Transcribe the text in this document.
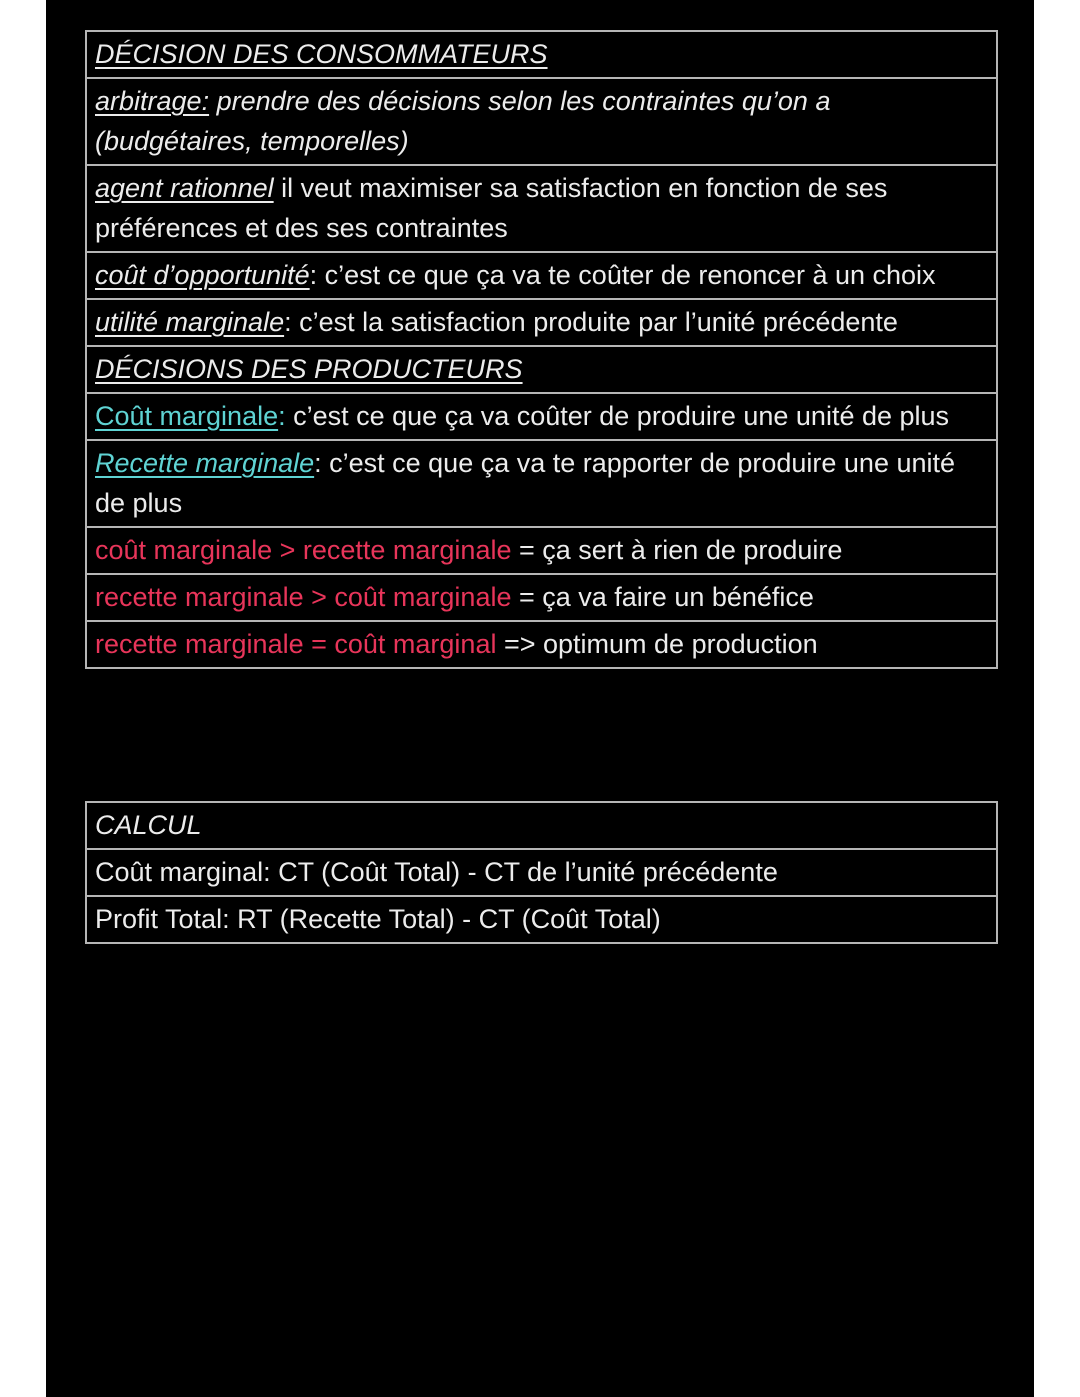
DÉCISION DES CONSOMMATEURS
arbitrage: prendre des décisions selon les contraintes qu’on a (budgétaires, temporelles)
agent rationnel il veut maximiser sa satisfaction en fonction de ses préférences et des ses contraintes
coût d’opportunité: c’est ce que ça va te coûter de renoncer à un choix
utilité marginale: c’est la satisfaction produite par l’unité précédente
DÉCISIONS DES PRODUCTEURS
Coût marginale: c’est ce que ça va coûter de produire une unité de plus
Recette marginale: c’est ce que ça va te rapporter de produire une unité de plus
coût marginale > recette marginale = ça sert à rien de produire
recette marginale > coût marginale = ça va faire un bénéfice
recette marginale = coût marginal => optimum de production
CALCUL
Coût marginal: CT (Coût Total) - CT de l’unité précédente
Profit Total: RT (Recette Total) - CT (Coût Total)
